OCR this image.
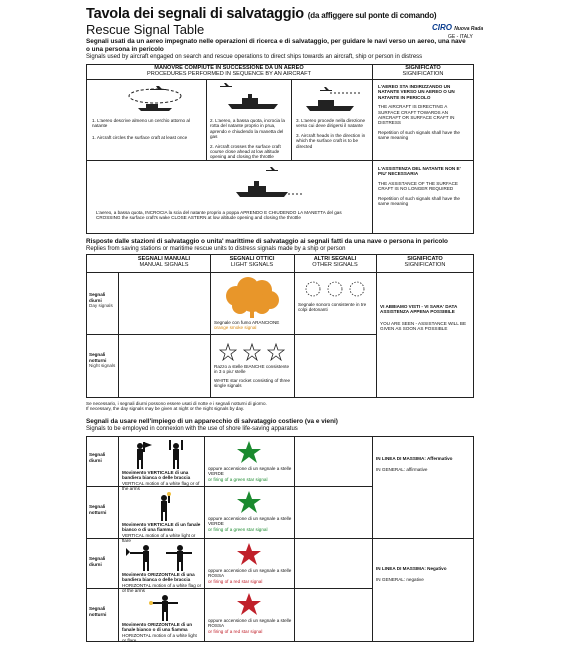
Tavola dei segnali di salvataggio (da affiggere sul ponte di comando)
Rescue Signal Table	CIRO Nuova Rada
GE - ITALY
Segnali usati da un aereo impegnato nelle operazioni di ricerca e di salvataggio, per guidare le navi verso un aereo, una nave o una persona in pericolo
Signals used by aircraft engaged on search and rescue operations to direct ships towards an aircraft, ship or person in distress
MANOVRE COMPIUTE IN SUCCESSIONE DA UN AEREO
PROCEDURES PERFORMED IN SEQUENCE BY AN AIRCRAFT
SIGNIFICATO
SIGNIFICATION
1. L'aereo descrive almeno un cerchio attorno al natante
1. Aircraft circles the surface craft at least once
2. L'aereo, a bassa quota, incrocia la rotta del natante proprio in prua, aprendo e chiudendo la manetta del gas
2. Aircraft crosses the surface craft course close ahead at low altitude opening and closing the throttle
3. L'aereo procede nella direzione verso cui deve dirigersi il natante
3. Aircraft heads in the direction in which the surface craft is to be directed
L'AEREO STA INDIRIZZANDO UN NATANTE VERSO UN AEREO O UN NATANTE IN PERICOLO
THE AIRCRAFT IS DIRECTING A SURFACE CRAFT TOWARDS AN AIRCRAFT OR SURFACE CRAFT IN DISTRESS
Repetition of such signals shall have the same meaning
L'aereo, a bassa quota, INCROCIA la scia del natante proprio a poppa APRENDO E CHIUDENDO LA MANETTA del gas
CROSSING the surface craft's wake CLOSE ASTERN at low altitude opening and closing the throttle
L'ASSISTENZA DEL NATANTE NON E' PIU' NECESSARIA
THE ASSISTANCE OF THE SURFACE CRAFT IS NO LONGER REQUIRED
Repetition of such signals shall have the same meaning
Risposte dalle stazioni di salvataggio o unita' marittime di salvataggio ai segnali fatti da una nave o persona in pericolo
Replies from saving stations or maritime rescue units to distress signals made by a ship or person
SEGNALI MANUALI
MANUAL SIGNALS
SEGNALI OTTICI
LIGHT SIGNALS
ALTRI SEGNALI
OTHER SIGNALS
SIGNIFICATO
SIGNIFICATION
Segnali diurni
Day signals
Segnali notturni
Night signals
Segnale con fumo ARANCIONE
orange smoke signal
Segnale sonoro consistente in tre colpi detonanti
Razzo a stelle BIANCHE consistente in 3 o piu' stelle
WHITE star rocket consisting of three single signals
VI ABBIAMO VISTI - VI SARA' DATA ASSISTENZA APPENA POSSIBILE
YOU ARE SEEN - ASSISTANCE WILL BE GIVEN AS SOON AS POSSIBLE
Se necessario, i segnali diurni possono essere usati di notte e i segnali notturni di giorno.
If necessary, the day signals may be given at night or the night signals by day.
Segnali da usare nell'impiego di un apparecchio di salvataggio costiero (va e vieni)
Signals to be employed in connexion with the use of shore life-saving apparatus
Segnali diurni
Segnali notturni
Segnali diurni
Segnali notturni
Movimento VERTICALE di una bandiera bianca o delle braccia
VERTICAL motion of a white flag or of the arms
oppure accensione di un segnale a stelle VERDE
or firing of a green star signal
Movimento VERTICALE di un fanale bianco o di una fiamma
VERTICAL motion of a white light or flare
oppure accensione di un segnale a stelle VERDE
or firing of a green star signal
IN LINEA DI MASSIMA: Affermativo
IN GENERAL: affirmative
Movimento ORIZZONTALE di una bandiera bianca o delle braccia
HORIZONTAL motion of a white flag or of the arms
oppure accensione di un segnale a stelle ROSSA
or firing of a red star signal
Movimento ORIZZONTALE di un fanale bianco o di una fiamma
HORIZONTAL motion of a white light or flare
oppure accensione di un segnale a stelle ROSSA
or firing of a red star signal
IN LINEA DI MASSIMA: Negativo
IN GENERAL: negative
